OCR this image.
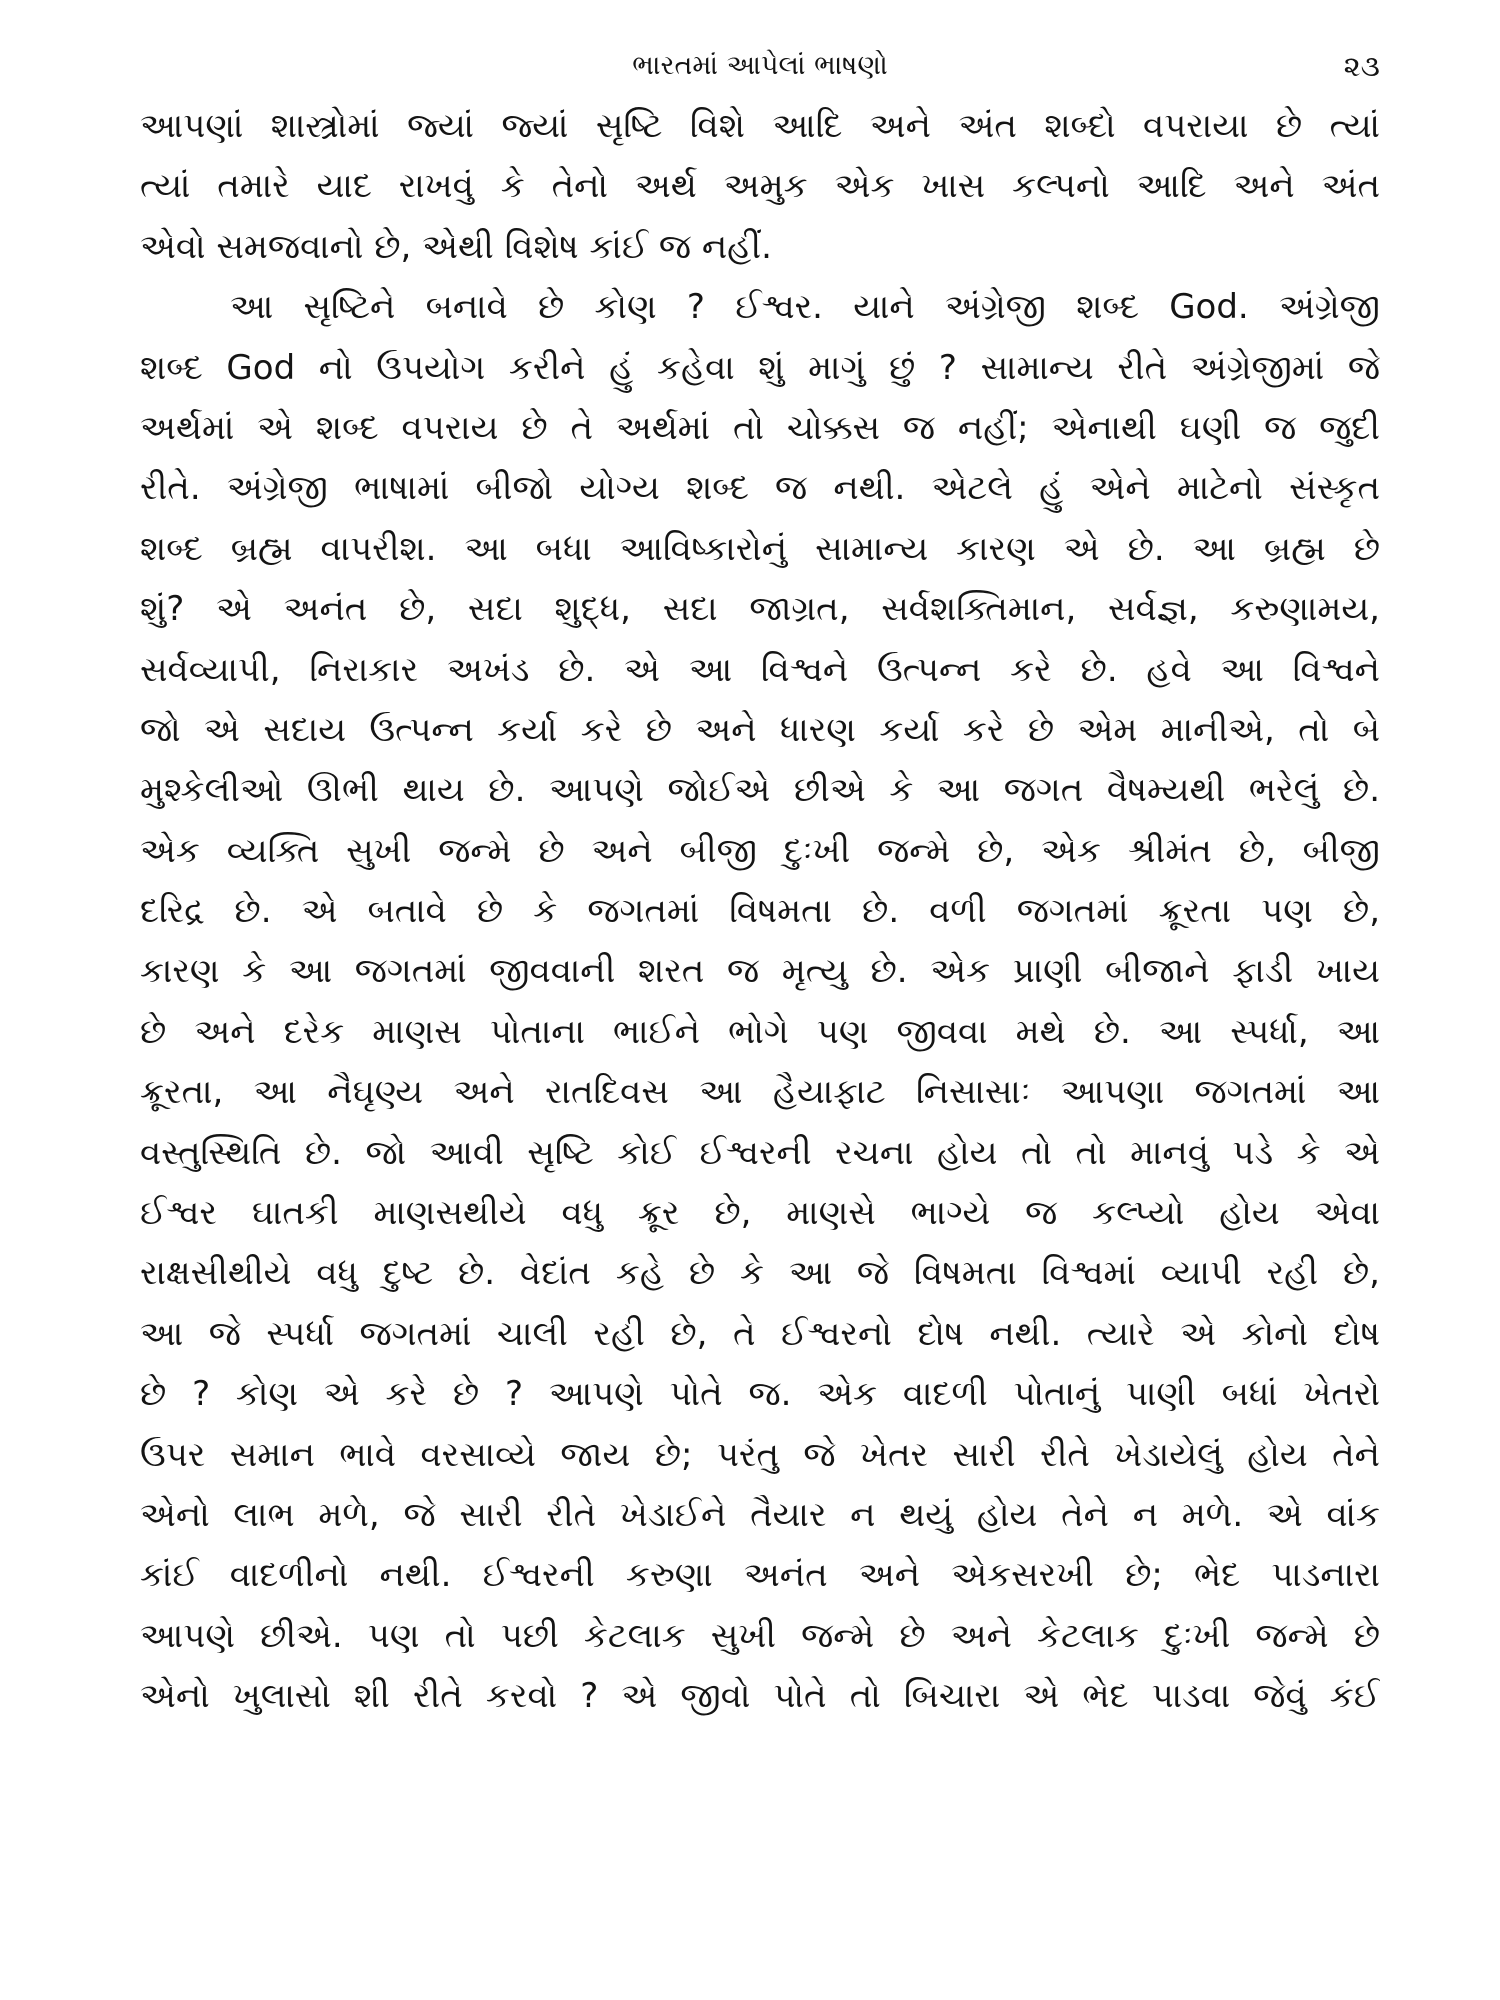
ભારતમાં આપેલાં ભાષણો	૨૩
આપણાં શાસ્ત્રોમાં જ્યાં જ્યાં સૃષ્ટિ વિશે આદિ અને અંત શબ્દો વપરાયા છે ત્યાં
ત્યાં તમારે યાદ રાખવું કે તેનો અર્થ અમુક એક ખાસ કલ્પનો આદિ અને અંત
એવો સમજવાનો છે, એથી વિશેષ કાંઈ જ નહીં.
આ સૃષ્ટિને બનાવે છે કોણ ? ઈશ્વર. યાને અંગ્રેજી શબ્દ God. અંગ્રેજી
શબ્દ God નો ઉપયોગ કરીને હું કહેવા શું માગું છું ? સામાન્ય રીતે અંગ્રેજીમાં જે
અર્થમાં એ શબ્દ વપરાય છે તે અર્થમાં તો ચોક્કસ જ નહીં; એનાથી ઘણી જ જુદી
રીતે. અંગ્રેજી ભાષામાં બીજો યોગ્ય શબ્દ જ નથી. એટલે હું એને માટેનો સંસ્કૃત
શબ્દ બ્રહ્મ વાપરીશ. આ બધા આવિષ્કારોનું સામાન્ય કારણ એ છે. આ બ્રહ્મ છે
શું? એ અનંત છે, સદા શુદ્ધ, સદા જાગ્રત, સર્વશક્તિમાન, સર્વજ્ઞ, કરુણામય,
સર્વવ્યાપી, નિરાકાર અખંડ છે. એ આ વિશ્વને ઉત્પન્ન કરે છે. હવે આ વિશ્વને
જો એ સદાય ઉત્પન્ન કર્યા કરે છે અને ધારણ કર્યા કરે છે એમ માનીએ, તો બે
મુશ્કેલીઓ ઊભી થાય છે. આપણે જોઈએ છીએ કે આ જગત વૈષમ્યથી ભરેલું છે.
એક વ્યક્તિ સુખી જન્મે છે અને બીજી દુઃખી જન્મે છે, એક શ્રીમંત છે, બીજી
દરિદ્ર છે. એ બતાવે છે કે જગતમાં વિષમતા છે. વળી જગતમાં ક્રૂરતા પણ છે,
કારણ કે આ જગતમાં જીવવાની શરત જ મૃત્યુ છે. એક પ્રાણી બીજાને ફાડી ખાય
છે અને દરેક માણસ પોતાના ભાઈને ભોગે પણ જીવવા મથે છે. આ સ્પર્ધા, આ
ક્રૂરતા, આ નૈઘૃણ્ય અને રાતદિવસ આ હૈયાફાટ નિસાસાઃ આપણા જગતમાં આ
વસ્તુસ્થિતિ છે. જો આવી સૃષ્ટિ કોઈ ઈશ્વરની રચના હોય તો તો માનવું પડે કે એ
ઈશ્વર ઘાતકી માણસથીયે વધુ ક્રૂર છે, માણસે ભાગ્યે જ કલ્પ્યો હોય એવા
રાક્ષસીથીયે વધુ દુષ્ટ છે. વેદાંત કહે છે કે આ જે વિષમતા વિશ્વમાં વ્યાપી રહી છે,
આ જે સ્પર્ધા જગતમાં ચાલી રહી છે, તે ઈશ્વરનો દોષ નથી. ત્યારે એ કોનો દોષ
છે ? કોણ એ કરે છે ? આપણે પોતે જ. એક વાદળી પોતાનું પાણી બધાં ખેતરો
ઉપર સમાન ભાવે વરસાવ્યે જાય છે; પરંતુ જે ખેતર સારી રીતે ખેડાયેલું હોય તેને
એનો લાભ મળે, જે સારી રીતે ખેડાઈને તૈયાર ન થયું હોય તેને ન મળે. એ વાંક
કાંઈ વાદળીનો નથી. ઈશ્વરની કરુણા અનંત અને એકસરખી છે; ભેદ પાડનારા
આપણે છીએ. પણ તો પછી કેટલાક સુખી જન્મે છે અને કેટલાક દુઃખી જન્મે છે
એનો ખુલાસો શી રીતે કરવો ? એ જીવો પોતે તો બિચારા એ ભેદ પાડવા જેવું કંઈ
